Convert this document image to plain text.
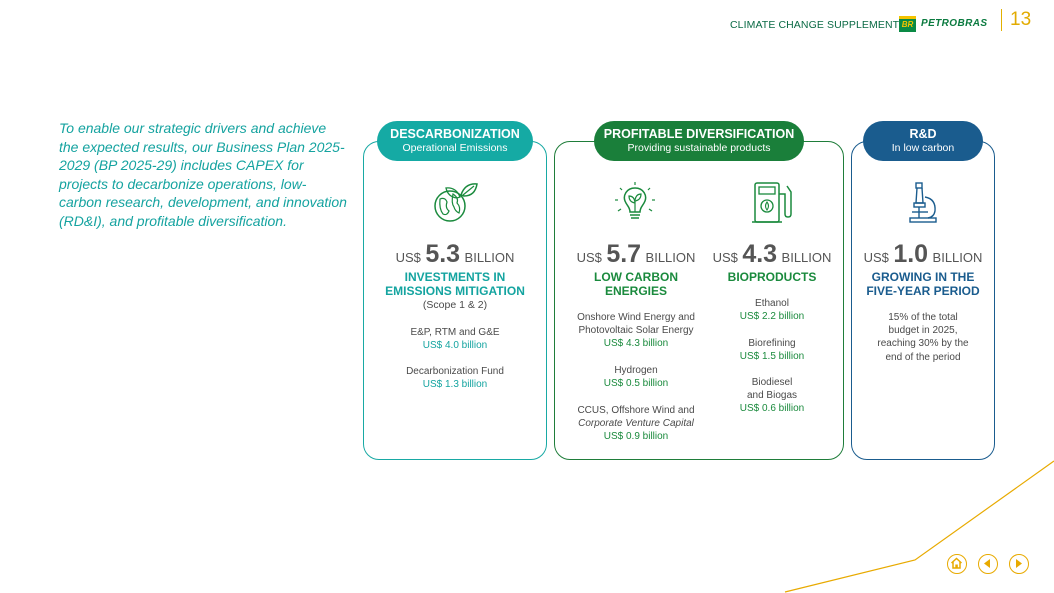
CLIMATE CHANGE SUPPLEMENT BR PETROBRAS 13
To enable our strategic drivers and achieve the expected results, our Business Plan 2025-2029 (BP 2025-29) includes CAPEX for projects to decarbonize operations, low-carbon research, development, and innovation (RD&I), and profitable diversification.
DESCARBONIZATION
Operational Emissions
US$ 5.3 BILLION
INVESTMENTS IN
EMISSIONS MITIGATION
(Scope 1 & 2)
E&P, RTM and G&E
US$ 4.0 billion
Decarbonization Fund
US$ 1.3 billion
PROFITABLE DIVERSIFICATION
Providing sustainable products
US$ 5.7 BILLION
LOW CARBON
ENERGIES
Onshore Wind Energy and
Photovoltaic Solar Energy
US$ 4.3 billion
Hydrogen
US$ 0.5 billion
CCUS, Offshore Wind and
Corporate Venture Capital
US$ 0.9 billion
US$ 4.3 BILLION
BIOPRODUCTS
Ethanol
US$ 2.2 billion
Biorefining
US$ 1.5 billion
Biodiesel
and Biogas
US$ 0.6 billion
R&D
In low carbon
US$ 1.0 BILLION
GROWING IN THE
FIVE-YEAR PERIOD
15% of the total
budget in 2025,
reaching 30% by the
end of the period
